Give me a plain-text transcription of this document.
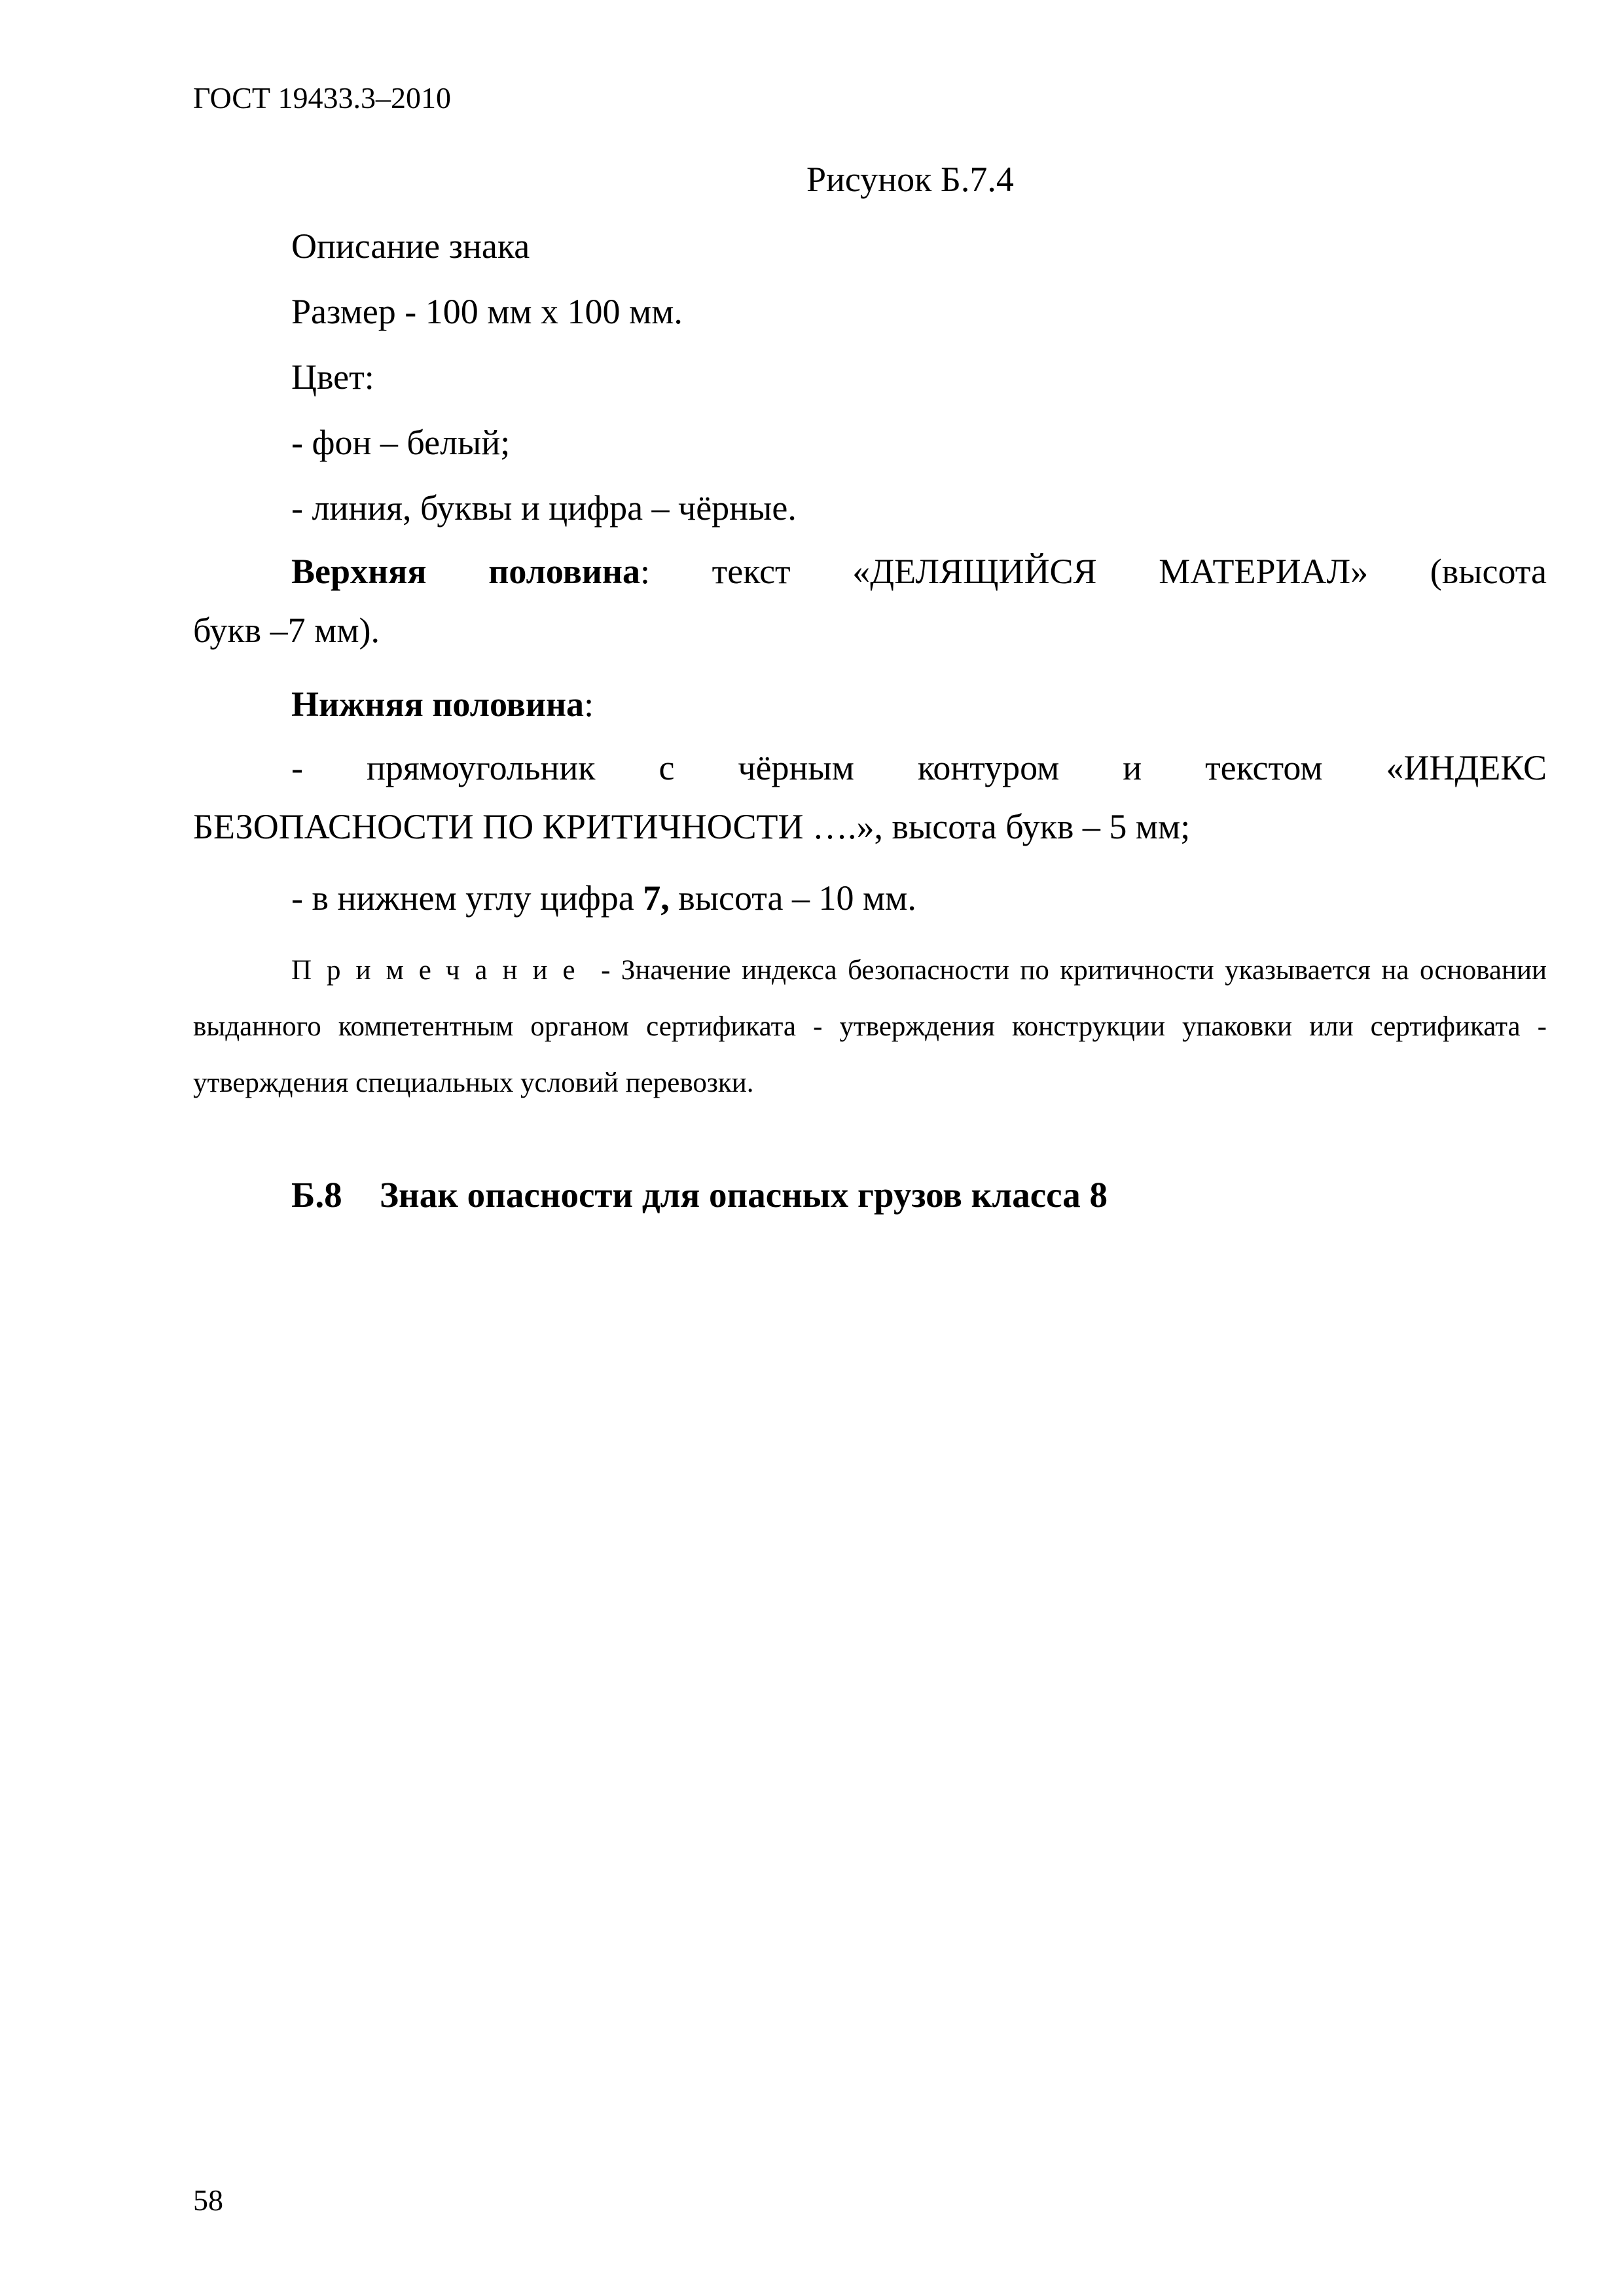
ГОСТ 19433.3–2010
Рисунок Б.7.4
Описание знака
Размер - 100 мм х 100 мм.
Цвет:
- фон – белый;
- линия, буквы и цифра – чёрные.
Верхняя половина: текст «ДЕЛЯЩИЙСЯ МАТЕРИАЛ» (высота
букв –7 мм).
Нижняя половина:
- прямоугольник с чёрным контуром и текстом «ИНДЕКС
БЕЗОПАСНОСТИ ПО КРИТИЧНОСТИ ….», высота букв – 5 мм;
- в нижнем углу цифра 7, высота – 10 мм.
Примечание - Значение индекса безопасности по критичности указывается на основании выданного компетентным органом сертификата - утверждения конструкции упаковки или сертификата - утверждения специальных условий перевозки.
Б.8 Знак опасности для опасных грузов класса 8
58
